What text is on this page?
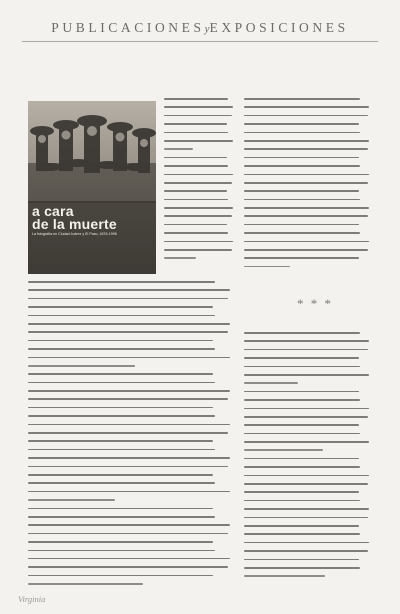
PUBLICACIONESyEXPOSICIONES
a cara
de la muerte
La fotografía en Ciudad Juárez y El Paso, 1876-1996
* * *
Virginia
